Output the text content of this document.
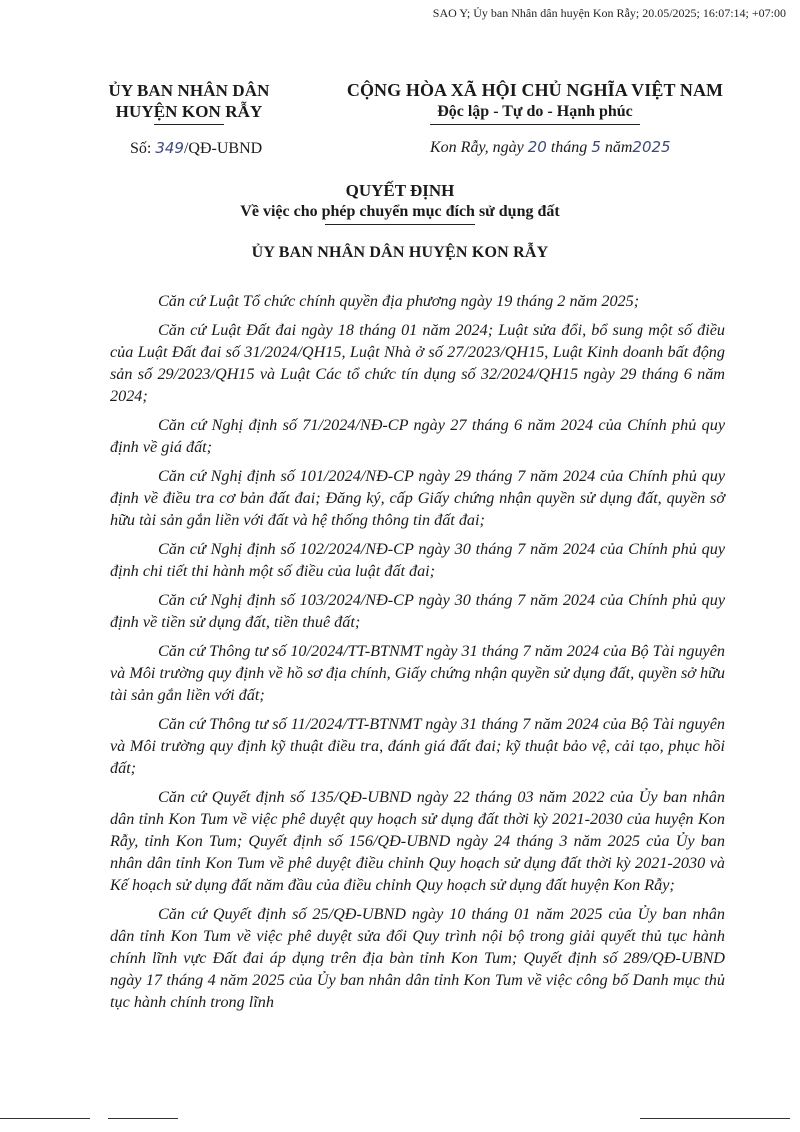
SAO Y; Ủy ban Nhân dân huyện Kon Rẫy; 20.05/2025; 16:07:14; +07:00
ỦY BAN NHÂN DÂN
HUYỆN KON RẪY
CỘNG HÒA XÃ HỘI CHỦ NGHĨA VIỆT NAM
Độc lập - Tự do - Hạnh phúc
Số: 349/QĐ-UBND	Kon Rẫy, ngày 20 tháng 5 năm2025
QUYẾT ĐỊNH
Về việc cho phép chuyển mục đích sử dụng đất
ỦY BAN NHÂN DÂN HUYỆN KON RẪY

Căn cứ Luật Tổ chức chính quyền địa phương ngày 19 tháng 2 năm 2025;

Căn cứ Luật Đất đai ngày 18 tháng 01 năm 2024; Luật sửa đổi, bổ sung một số điều của Luật Đất đai số 31/2024/QH15, Luật Nhà ở số 27/2023/QH15, Luật Kinh doanh bất động sản số 29/2023/QH15 và Luật Các tổ chức tín dụng số 32/2024/QH15 ngày 29 tháng 6 năm 2024;

Căn cứ Nghị định số 71/2024/NĐ-CP ngày 27 tháng 6 năm 2024 của Chính phủ quy định về giá đất;

Căn cứ Nghị định số 101/2024/NĐ-CP ngày 29 tháng 7 năm 2024 của Chính phủ quy định về điều tra cơ bản đất đai; Đăng ký, cấp Giấy chứng nhận quyền sử dụng đất, quyền sở hữu tài sản gắn liền với đất và hệ thống thông tin đất đai;

Căn cứ Nghị định số 102/2024/NĐ-CP ngày 30 tháng 7 năm 2024 của Chính phủ quy định chi tiết thi hành một số điều của luật đất đai;

Căn cứ Nghị định số 103/2024/NĐ-CP ngày 30 tháng 7 năm 2024 của Chính phủ quy định về tiền sử dụng đất, tiền thuê đất;

Căn cứ Thông tư số 10/2024/TT-BTNMT ngày 31 tháng 7 năm 2024 của Bộ Tài nguyên và Môi trường quy định về hồ sơ địa chính, Giấy chứng nhận quyền sử dụng đất, quyền sở hữu tài sản gắn liền với đất;

Căn cứ Thông tư số 11/2024/TT-BTNMT ngày 31 tháng 7 năm 2024 của Bộ Tài nguyên và Môi trường quy định kỹ thuật điều tra, đánh giá đất đai; kỹ thuật bảo vệ, cải tạo, phục hồi đất;

Căn cứ Quyết định số 135/QĐ-UBND ngày 22 tháng 03 năm 2022 của Ủy ban nhân dân tỉnh Kon Tum về việc phê duyệt quy hoạch sử dụng đất thời kỳ 2021-2030 của huyện Kon Rẫy, tỉnh Kon Tum; Quyết định số 156/QĐ-UBND ngày 24 tháng 3 năm 2025 của Ủy ban nhân dân tỉnh Kon Tum về phê duyệt điều chỉnh Quy hoạch sử dụng đất thời kỳ 2021-2030 và Kế hoạch sử dụng đất năm đầu của điều chỉnh Quy hoạch sử dụng đất huyện Kon Rẫy;

Căn cứ Quyết định số 25/QĐ-UBND ngày 10 tháng 01 năm 2025 của Ủy ban nhân dân tỉnh Kon Tum về việc phê duyệt sửa đổi Quy trình nội bộ trong giải quyết thủ tục hành chính lĩnh vực Đất đai áp dụng trên địa bàn tỉnh Kon Tum; Quyết định số 289/QĐ-UBND ngày 17 tháng 4 năm 2025 của Ủy ban nhân dân tỉnh Kon Tum về việc công bố Danh mục thủ tục hành chính trong lĩnh
